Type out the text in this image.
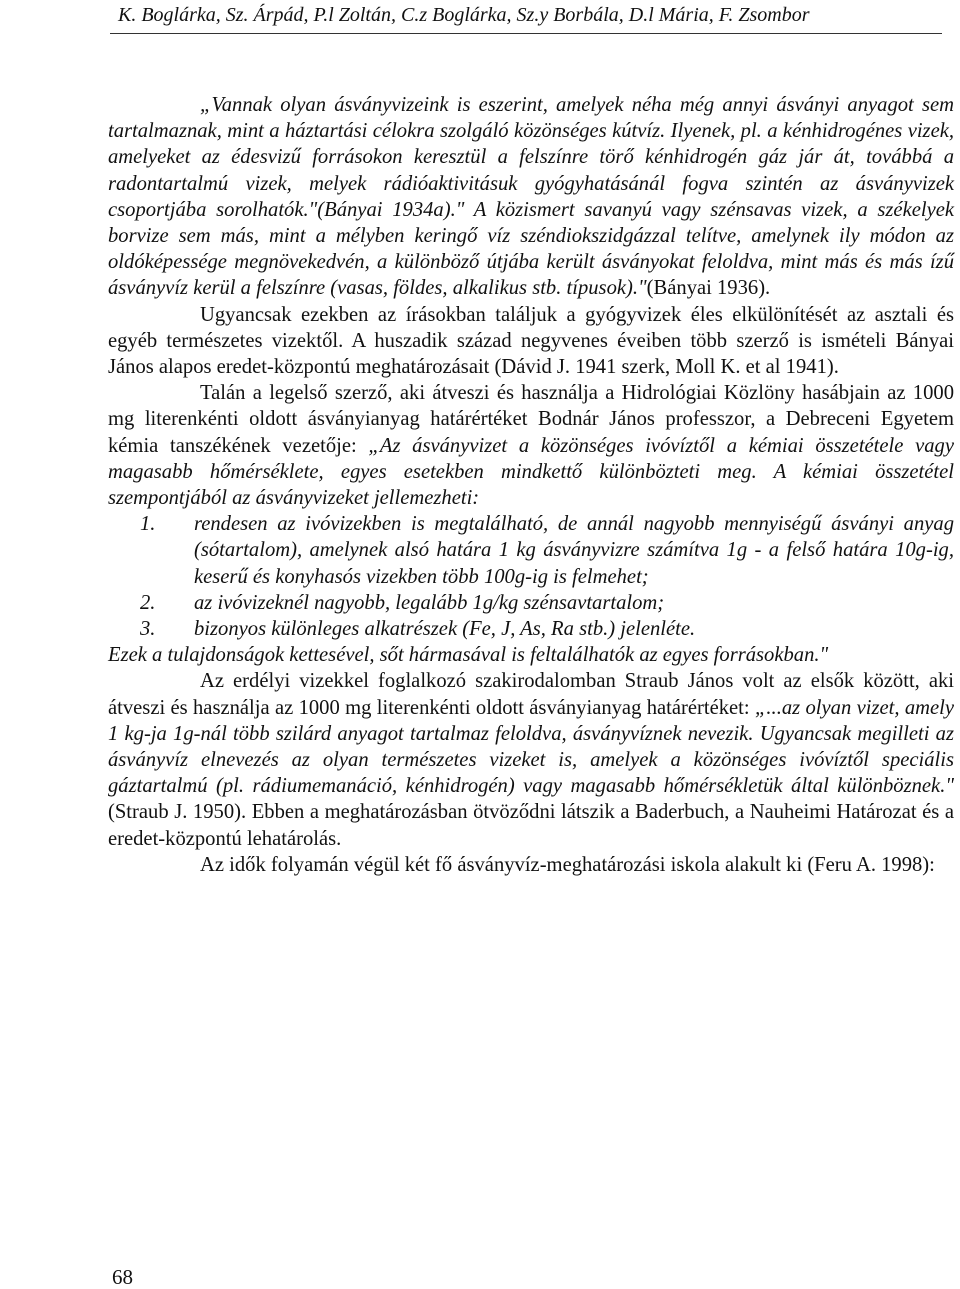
K. Boglárka, Sz. Árpád, P.l Zoltán, C.z Boglárka, Sz.y Borbála, D.l Mária, F. Zsombor

„Vannak olyan ásványvizeink is eszerint, amelyek néha még annyi ásványi anyagot sem tartalmaznak, mint a háztartási célokra szolgáló közönséges kútvíz. Ilyenek, pl. a kénhidrogénes vizek, amelyeket az édesvizű forrásokon keresztül a felszínre törő kénhidrogén gáz jár át, továbbá a radontartalmú vizek, melyek rádióaktivitásuk gyógyhatásánál fogva szintén az ásványvizek csoportjába sorolhatók."(Bányai 1934a)." A közismert savanyú vagy szénsavas vizek, a székelyek borvize sem más, mint a mélyben keringő víz széndiokszidgázzal telítve, amelynek ily módon az oldóképessége megnövekedvén, a különböző útjába került ásványokat feloldva, mint más és más ízű ásványvíz kerül a felszínre (vasas, földes, alkalikus stb. típusok)."(Bányai 1936).

Ugyancsak ezekben az írásokban találjuk a gyógyvizek éles elkülönítését az asztali és egyéb természetes vizektől. A huszadik század negyvenes éveiben több szerző is ismételi Bányai János alapos eredet-központú meghatározásait (Dávid J. 1941 szerk, Moll K. et al 1941).

Talán a legelső szerző, aki átveszi és használja a Hidrológiai Közlöny hasábjain az 1000 mg literenkénti oldott ásványianyag határértéket Bodnár János professzor, a Debreceni Egyetem kémia tanszékének vezetője: „Az ásványvizet a közönséges ivóvíztől a kémiai összetétele vagy magasabb hőmérséklete, egyes esetekben mindkettő különbözteti meg. A kémiai összetétel szempontjából az ásványvizeket jellemezheti:

1.	rendesen az ivóvizekben is megtalálható, de annál nagyobb mennyiségű ásványi anyag (sótartalom), amelynek alsó határa 1 kg ásványvizre számítva 1g - a felső határa 10g-ig, keserű és konyhasós vizekben több 100g-ig is felmehet;
2.	az ivóvizeknél nagyobb, legalább 1g/kg szénsavtartalom;
3.	bizonyos különleges alkatrészek (Fe, J, As, Ra stb.) jelenléte.

Ezek a tulajdonságok kettesével, sőt hármasával is feltalálhatók az egyes forrásokban."

Az erdélyi vizekkel foglalkozó szakirodalomban Straub János volt az elsők között, aki átveszi és használja az 1000 mg literenkénti oldott ásványianyag határértéket: „...az olyan vizet, amely 1 kg-ja 1g-nál több szilárd anyagot tartalmaz feloldva, ásványvíznek nevezik. Ugyancsak megilleti az ásványvíz elnevezés az olyan természetes vizeket is, amelyek a közönséges ivóvíztől speciális gáztartalmú (pl. rádiumemanáció, kénhidrogén) vagy magasabb hőmérsékletük által különböznek."(Straub J. 1950). Ebben a meghatározásban ötvöződni látszik a Baderbuch, a Nauheimi Határozat és a eredet-központú lehatárolás.

Az idők folyamán végül két fő ásványvíz-meghatározási iskola alakult ki (Feru A. 1998):

68
